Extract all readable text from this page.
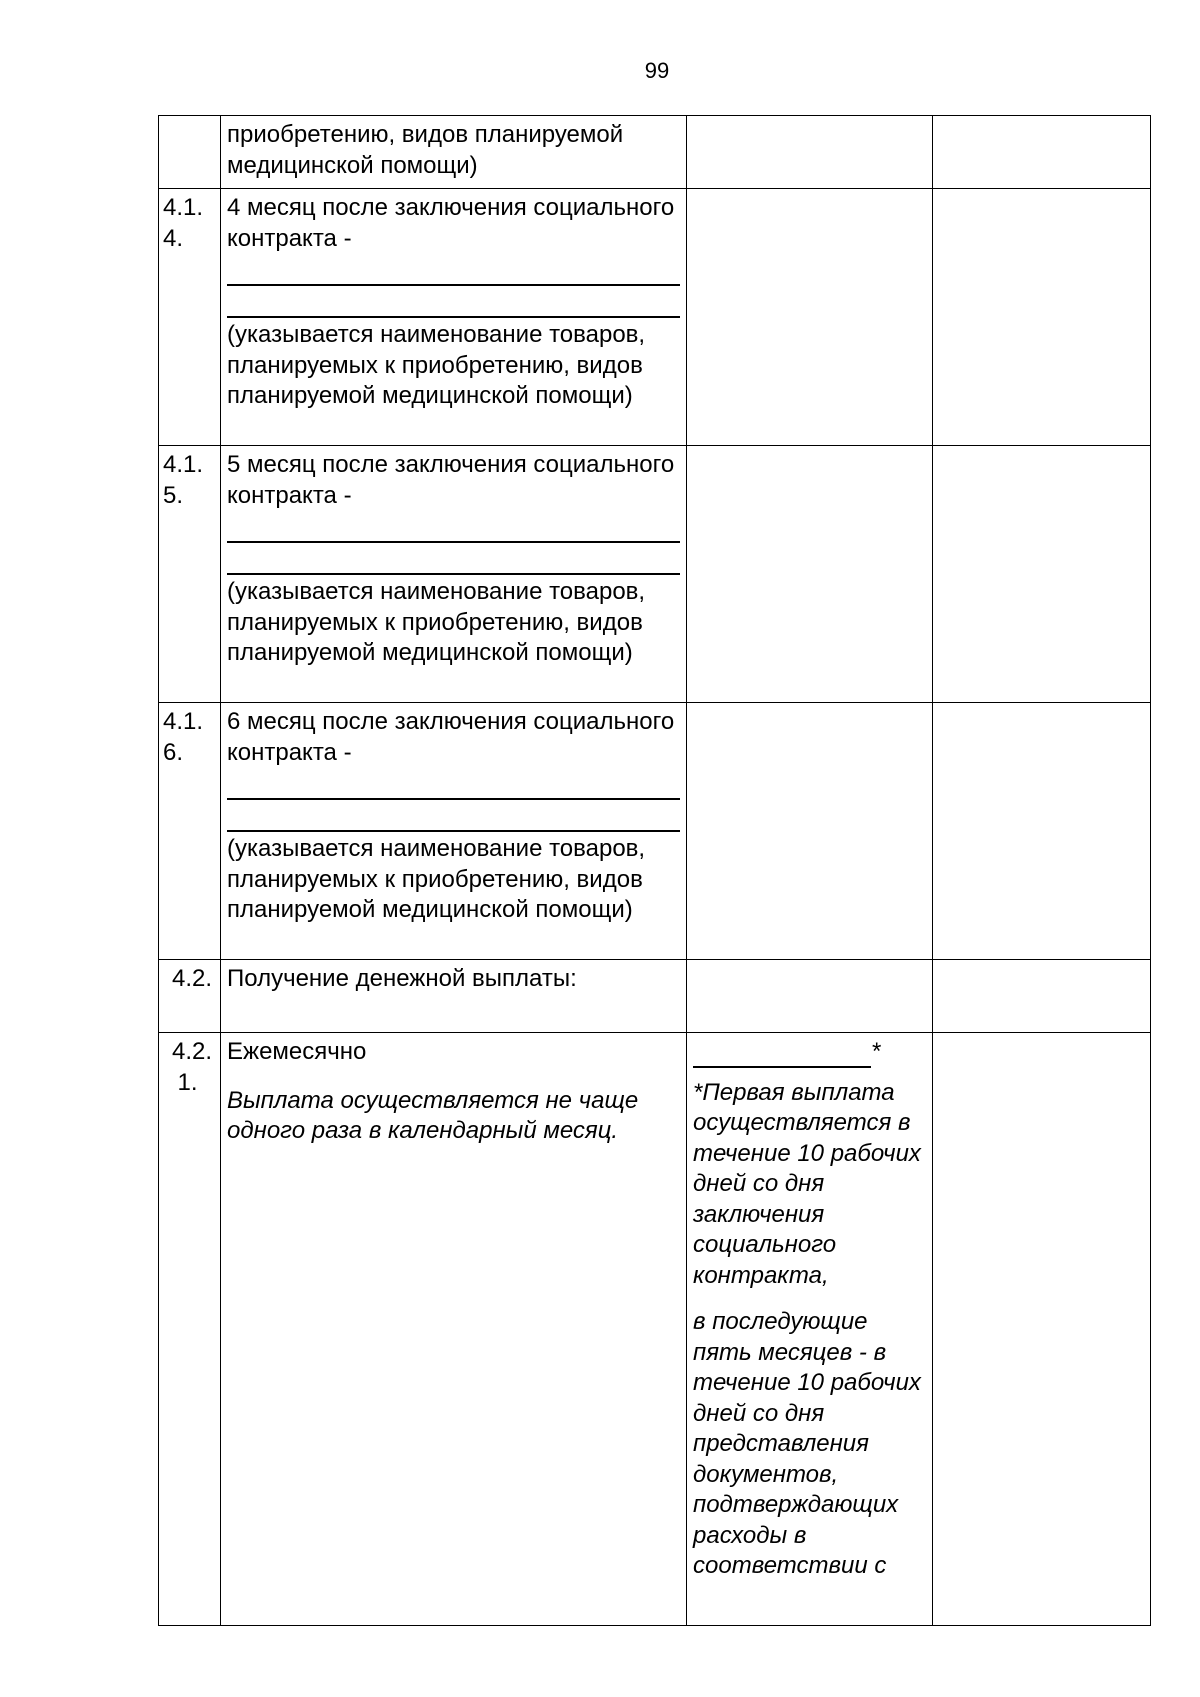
99
	приобретению, видов планируемой медицинской помощи)		
4.1. 4.	4 месяц после заключения социального контракта -
(указывается наименование товаров, планируемых к приобретению, видов планируемой медицинской помощи)		

4.1. 5.	5 месяц после заключения социального контракта -
(указывается наименование товаров, планируемых к приобретению, видов планируемой медицинской помощи)		

4.1. 6.	6 месяц после заключения социального контракта -
(указывается наименование товаров, планируемых к приобретению, видов планируемой медицинской помощи)		

4.2.	Получение денежной выплаты:		
4.2.
1.	Ежемесячно
Выплата осуществляется не чаще одного раза в календарный месяц.	*
*Первая выплата осуществляется в течение 10 рабочих дней со дня заключения социального контракта,
в последующие пять месяцев - в течение 10 рабочих дней со дня представления документов, подтверждающих расходы в соответствии с	
